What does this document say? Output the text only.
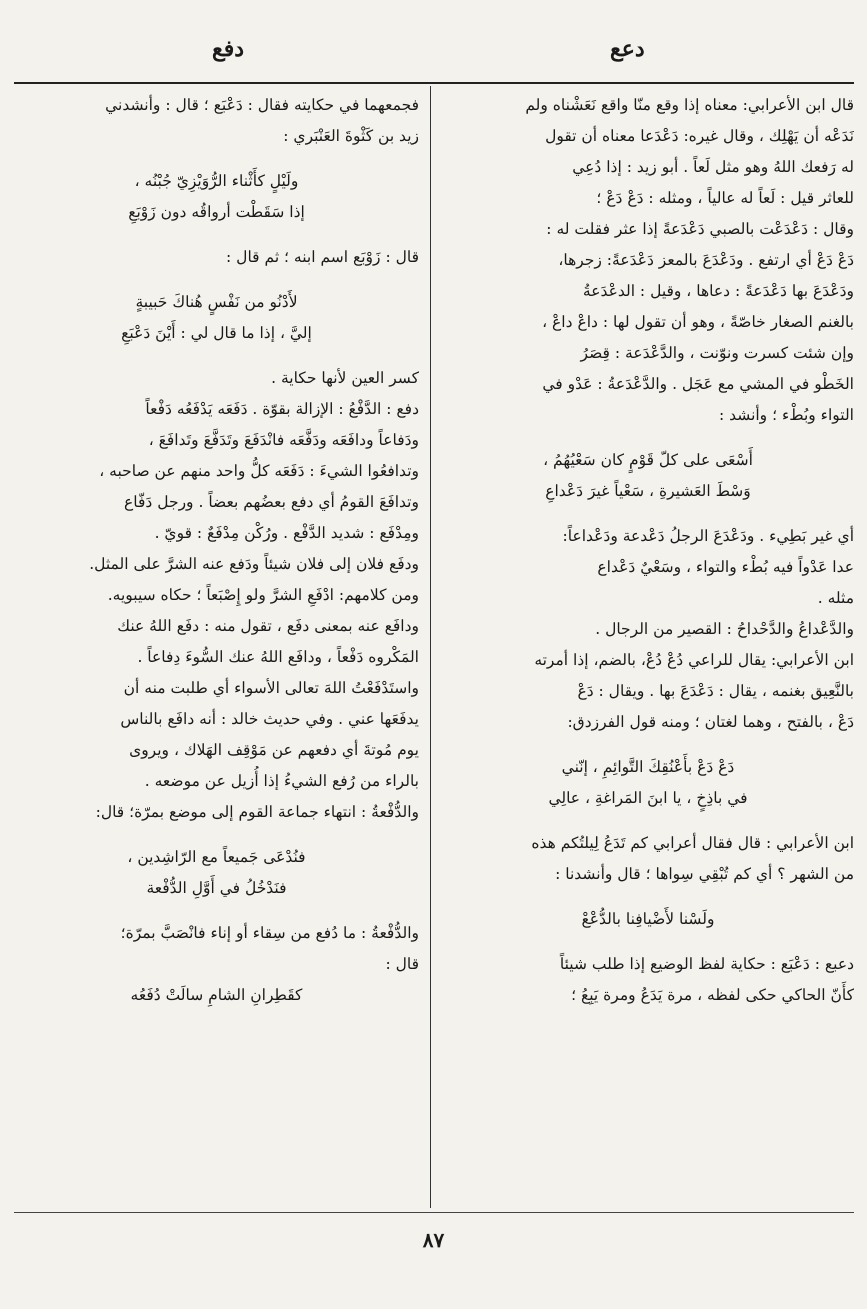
دعع
دفع
قال ابن الأعرابي: معناه إذا وقع منّا واقع نَعَشْناه ولم
نَدَعْه أن يَهْلِك ، وقال غيره: دَعْدَعا معناه أن تقول
له رَفعك اللهُ وهو مثل لَعاً . أبو زيد : إذا دُعِي
للعاثر قيل : لَعاً له عالياً ، ومثله : دَعْ دَعْ ؛
وقال : دَعْدَعْت بالصبي دَعْدَعةً إذا عثر فقلت له :
دَعْ دَعْ أي ارتفع . ودَعْدَعَ بالمعز دَعْدَعةً: زجرها،
ودَعْدَعَ بها دَعْدَعةً : دعاها ، وقيل : الدعْدَعةُ
بالغنم الصغار خاصّةً ، وهو أن تقول لها : داعْ داعْ ،
وإن شئت كسرت ونوّنت ، والدَّعْدَعة : قِصَرُ
الخَطْو في المشي مع عَجَل . والدَّعْدَعةُ : عَدْو في
التواء وبُطْء ؛ وأنشد :
أَسْعَى على كلّ قَوْمٍ كان سَعْيُهُمُ ،
وَسْطَ العَشيرةِ ، سَعْياً غيرَ دَعْداعِ
أي غير بَطِيء . ودَعْدَعَ الرجلُ دَعْدعة ودَعْداعاً:
عدا عَدْواً فيه بُطْء والتواء ، وسَعْيٌ دَعْداع
مثله .
والدَّعْداعُ والدَّحْداحُ : القصير من الرجال .
ابن الأعرابي: يقال للراعي دُعْ دُعْ، بالضم، إذا أمرته
بالنَّعِيق بغنمه ، يقال : دَعْدَعَ بها . ويقال : دَعْ
دَعْ ، بالفتح ، وهما لغتان ؛ ومنه قول الفرزدق:
دَعْ دَعْ بأَعْنُقِكَ التَّوائِمِ ، إنّني
في باذِخٍ ، يا ابنَ المَراغةِ ، عالِي
ابن الأعرابي : قال فقال أعرابي كم تَدَعُ لِيلتُكم هذه
من الشهر ؟ أي كم تُبْقِي سِواها ؛ قال وأنشدنا :
ولَسْنا لأَضْيافِنا بالدُّعْعْ
دعبع : دَعْبَع : حكاية لفظ الوضيع إذا طلب شيئاً
كأَنّ الحاكي حكى لفظه ، مرة يَدَعُ ومرة يَبِعُ ؛
فجمعهما في حكايته فقال : دَعْبَع ؛ قال : وأنشدني
زيد بن كَثْوةَ العَنْبَري :
ولَيْلٍ كأَثْناء الرُّوَيْزِيّ جُبْنُه ،
إذا سَقَطْت أرواقُه دون زَوْبَعِ
قال : زَوْبَع اسم ابنه ؛ ثم قال :
لأَدْنُو من نَفْسٍ هُناكَ حَبيبةٍ
إليَّ ، إذا ما قال لي : أَيْنَ دَعْبَعِ
كسر العين لأنها حكاية .
دفع : الدَّفْعُ : الإزالة بقوّة . دَفَعَه يَدْفَعُه دَفْعاً
ودَفاعاً ودافَعَه ودَفَّعَه فانْدَفَعَ وتَدَفَّعَ وتَدافَعَ ،
وتدافعُوا الشيءَ : دَفَعَه كلُّ واحد منهم عن صاحبه ،
وتدافَعَ القومُ أي دفع بعضُهم بعضاً . ورجل دَفّاع
ومِدْفَع : شديد الدَّفْع . ورُكْن مِدْفَعٌ : قويّ .
ودفَع فلان إلى فلان شيئاً ودَفع عنه الشرَّ على المثل.
ومن كلامهم: ادْفَعِ الشرَّ ولو إِصْبَعاً ؛ حكاه سيبويه.
ودافَع عنه بمعنى دفَع ، تقول منه : دفَع اللهُ عنك
المَكْروه دَفْعاً ، ودافَع اللهُ عنك السُّوءَ دِفاعاً .
واستَدْفَعْتُ اللهَ تعالى الأسواء أي طلبت منه أن
يدفَعَها عني . وفي حديث خالد : أنه دافَع بالناس
يوم مُوتةَ أي دفعهم عن مَوْقِف الهَلاك ، ويروى
بالراء من رُفع الشيءُ إذا أُزيل عن موضعه .
والدُّفْعةُ : انتهاء جماعة القوم إلى موضع بمرّة؛ قال:
فنُدْعَى جَميعاً مع الرّاشِدين ،
فنَدْخُلُ في أَوَّلِ الدُّفْعة
والدُّفْعةُ : ما دُفع من سِقاء أو إناء فانْصَبَّ بمرّة؛
قال :
كقَطِرانِ الشامِ سالَتْ دُفَعُه
٨٧
